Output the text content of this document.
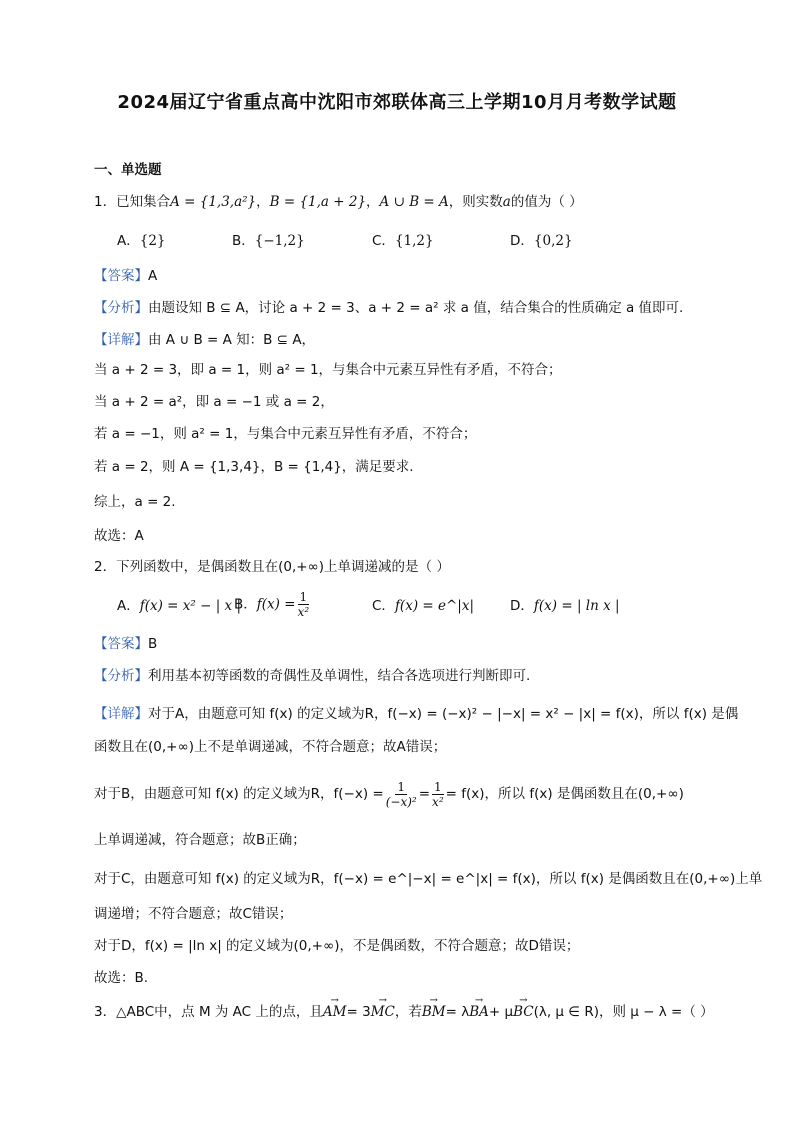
2024届辽宁省重点高中沈阳市郊联体高三上学期10月月考数学试题
一、单选题
1．已知集合A = {1,3,a²}，B = {1,a + 2}，A ∪ B = A，则实数a的值为（ ）
A．{2}	B．{−1,2}	C．{1,2}	D．{0,2}
【答案】A
【分析】由题设知 B ⊆ A，讨论 a + 2 = 3、a + 2 = a² 求 a 值，结合集合的性质确定 a 值即可.
【详解】由 A ∪ B = A 知：B ⊆ A，
当 a + 2 = 3，即 a = 1，则 a² = 1，与集合中元素互异性有矛盾，不符合；
当 a + 2 = a²，即 a = −1 或 a = 2，
若 a = −1，则 a² = 1，与集合中元素互异性有矛盾，不符合；
若 a = 2，则 A = {1,3,4}，B = {1,4}，满足要求.
综上，a = 2.
故选：A
2．下列函数中，是偶函数且在(0,+∞)上单调递减的是（ ）
A．f(x) = x² − | x |
B．$f(x) = \frac{1}{\text{x²}}$	C．f(x) = e^|x|	D．f(x) = | ln x |
【答案】B
【分析】利用基本初等函数的奇偶性及单调性，结合各选项进行判断即可.
【详解】对于A，由题意可知 f(x) 的定义域为R，f(−x) = (−x)² − |−x| = x² − |x| = f(x)，所以 f(x) 是偶
函数且在(0,+∞)上不是单调递减，不符合题意；故A错误；
对于B，由题意可知 f(x) 的定义域为R，$f(-x) = \frac{1}{\text{(−x)²}} = \frac{1}{\text{x²}} = f(x)$，所以 f(x) 是偶函数且在(0,+∞)
上单调递减，符合题意；故B正确；
对于C，由题意可知 f(x) 的定义域为R，f(−x) = e^|−x| = e^|x| = f(x)，所以 f(x) 是偶函数且在(0,+∞)上单
调递增；不符合题意；故C错误；
对于D，f(x) = |ln x| 的定义域为(0,+∞)，不是偶函数，不符合题意；故D错误；
故选：B.
3．△ABC中，点 M 为 AC 上的点，且→ AM= 3→ MC，若→ BM= λ→ BA+ μ→ BC(λ, μ ∈ R)，则 μ − λ =（ ）
